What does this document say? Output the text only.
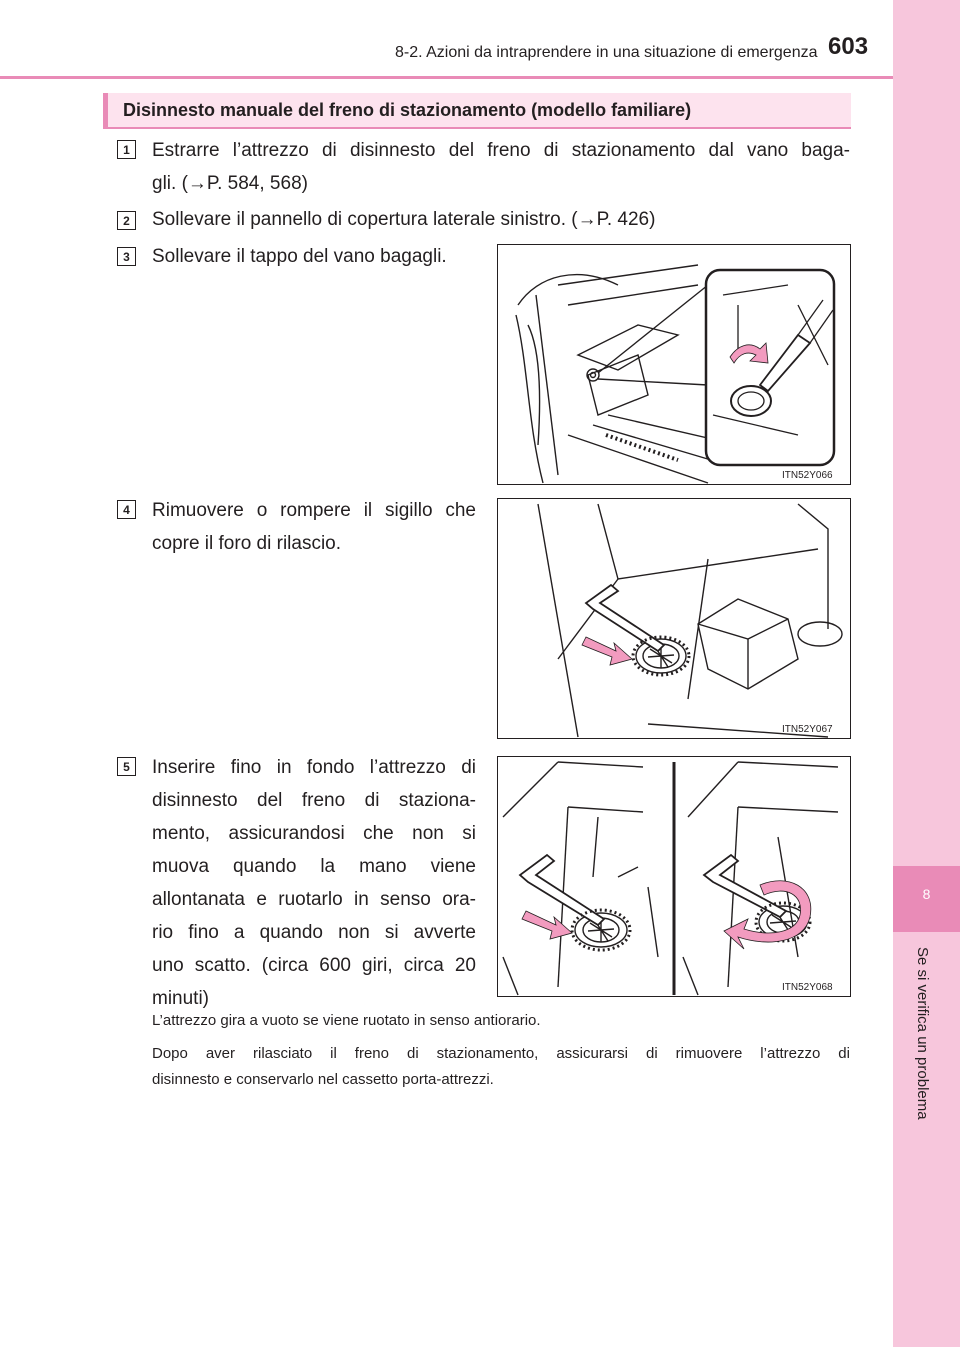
8-2. Azioni da intraprendere in una situazione di emergenza 603
8
Se si verifica un problema
Disinnesto manuale del freno di stazionamento (modello familiare)
1	Estrarre l’attrezzo di disinnesto del freno di stazionamento dal vano baga-
gli. (→P. 584, 568)
2	Sollevare il pannello di copertura laterale sinistro. (→P. 426)
3	Sollevare il tappo del vano bagagli.
ITN52Y066
4	Rimuovere o rompere il sigillo che
copre il foro di rilascio.
ITN52Y067
5	Inserire fino in fondo l’attrezzo di
disinnesto del freno di staziona-
mento, assicurandosi che non si
muova quando la mano viene
allontanata e ruotarlo in senso ora-
rio fino a quando non si avverte
uno scatto. (circa 600 giri, circa 20
minuti)
ITN52Y068
L’attrezzo gira a vuoto se viene ruotato in senso antiorario.
Dopo aver rilasciato il freno di stazionamento, assicurarsi di rimuovere l’attrezzo di
disinnesto e conservarlo nel cassetto porta-attrezzi.
